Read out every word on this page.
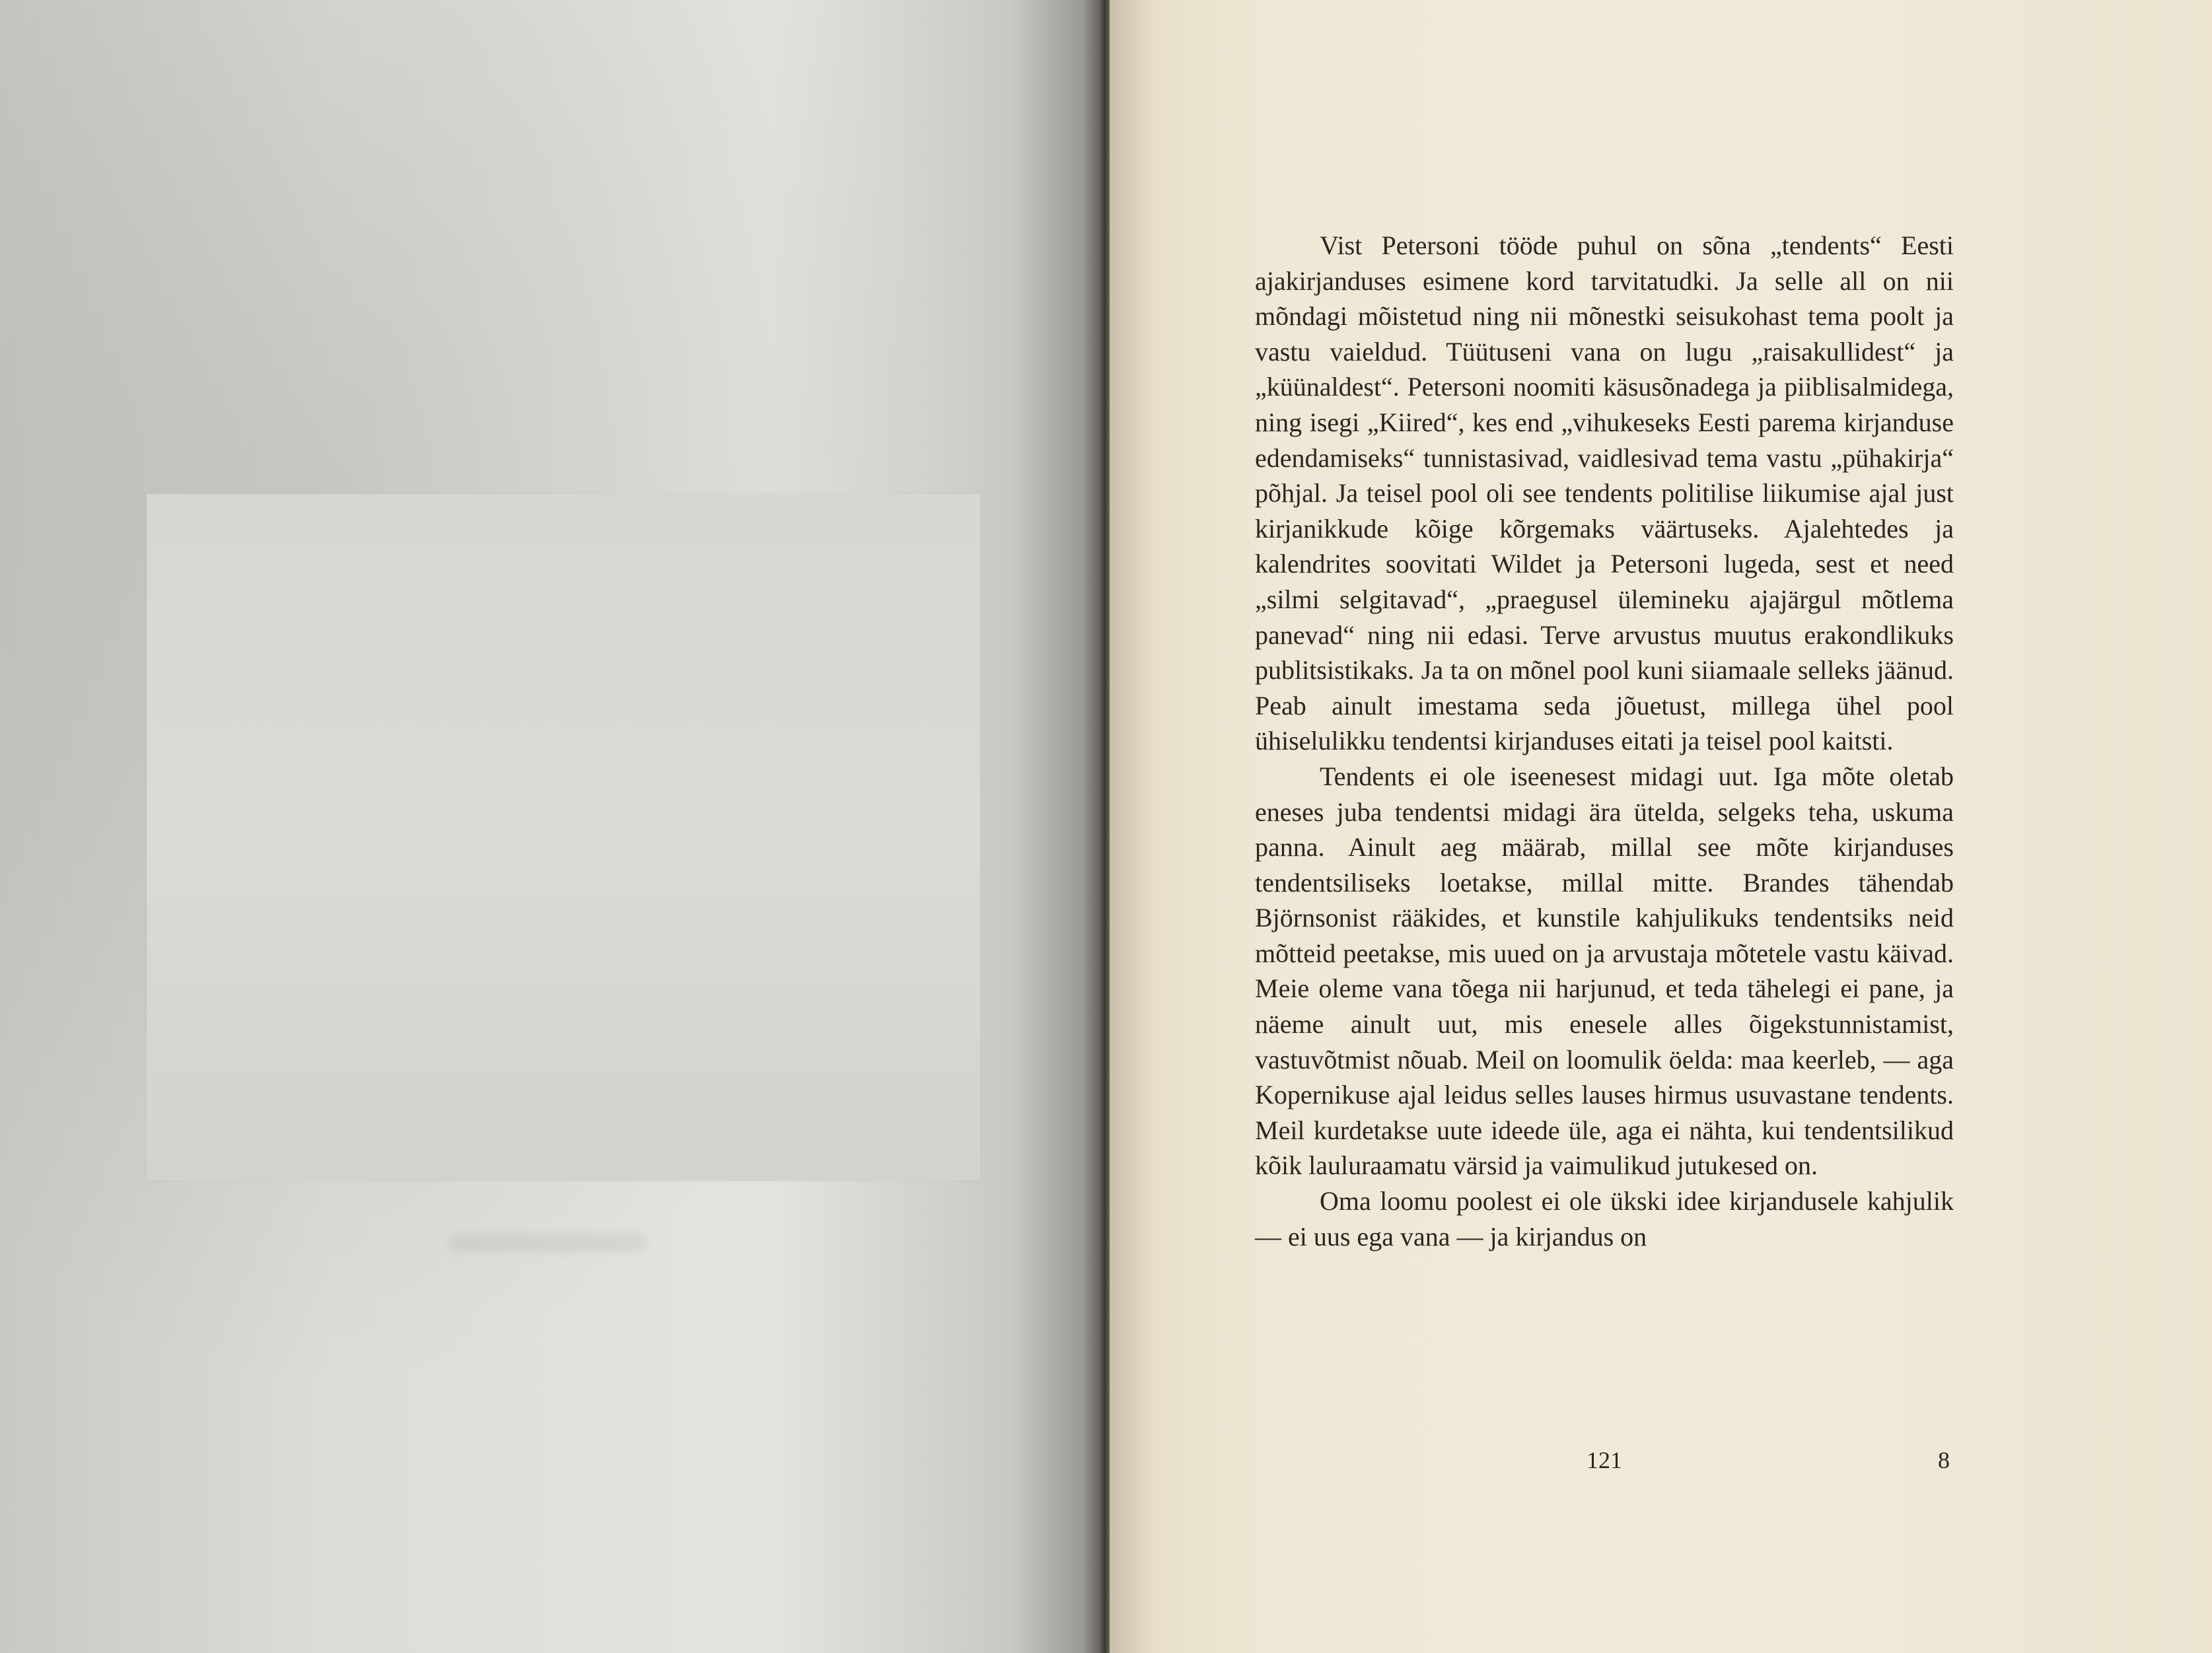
Vist Petersoni tööde puhul on sõna „tendents“ Eesti ajakirjanduses esimene kord tarvitatudki. Ja selle all on nii mõndagi mõistetud ning nii mõnestki seisukohast tema poolt ja vastu vaieldud. Tüütuseni vana on lugu „raisakullidest“ ja „küünaldest“. Petersoni noomiti käsusõnadega ja piiblisalmidega, ning isegi „Kiired“, kes end „vihukeseks Eesti parema kirjanduse edendamiseks“ tunnistasivad, vaidlesivad tema vastu „pühakirja“ põhjal. Ja teisel pool oli see tendents politilise liikumise ajal just kirjanikkude kõige kõrgemaks väärtuseks. Ajalehtedes ja kalendrites soovitati Wildet ja Petersoni lugeda, sest et need „silmi selgitavad“, „praegusel ülemineku ajajärgul mõtlema panevad“ ning nii edasi. Terve arvustus muutus erakondlikuks publitsistikaks. Ja ta on mõnel pool kuni siiamaale selleks jäänud. Peab ainult imestama seda jõuetust, millega ühel pool ühiselulikku tendentsi kirjanduses eitati ja teisel pool kaitsti.

Tendents ei ole iseenesest midagi uut. Iga mõte oletab eneses juba tendentsi midagi ära ütelda, selgeks teha, uskuma panna. Ainult aeg määrab, millal see mõte kirjanduses tendentsiliseks loetakse, millal mitte. Brandes tähendab Björnsonist rääkides, et kunstile kahjulikuks tendentsiks neid mõtteid peetakse, mis uued on ja arvustaja mõtetele vastu käivad. Meie oleme vana tõega nii harjunud, et teda tähelegi ei pane, ja näeme ainult uut, mis enesele alles õigekstunnistamist, vastuvõtmist nõuab. Meil on loomulik öelda: maa keerleb, — aga Kopernikuse ajal leidus selles lauses hirmus usuvastane tendents. Meil kurdetakse uute ideede üle, aga ei nähta, kui tendentsilikud kõik lauluraamatu värsid ja vaimulikud jutukesed on.

Oma loomu poolest ei ole ükski idee kirjandusele kahjulik — ei uus ega vana — ja kirjandus on

121	8
